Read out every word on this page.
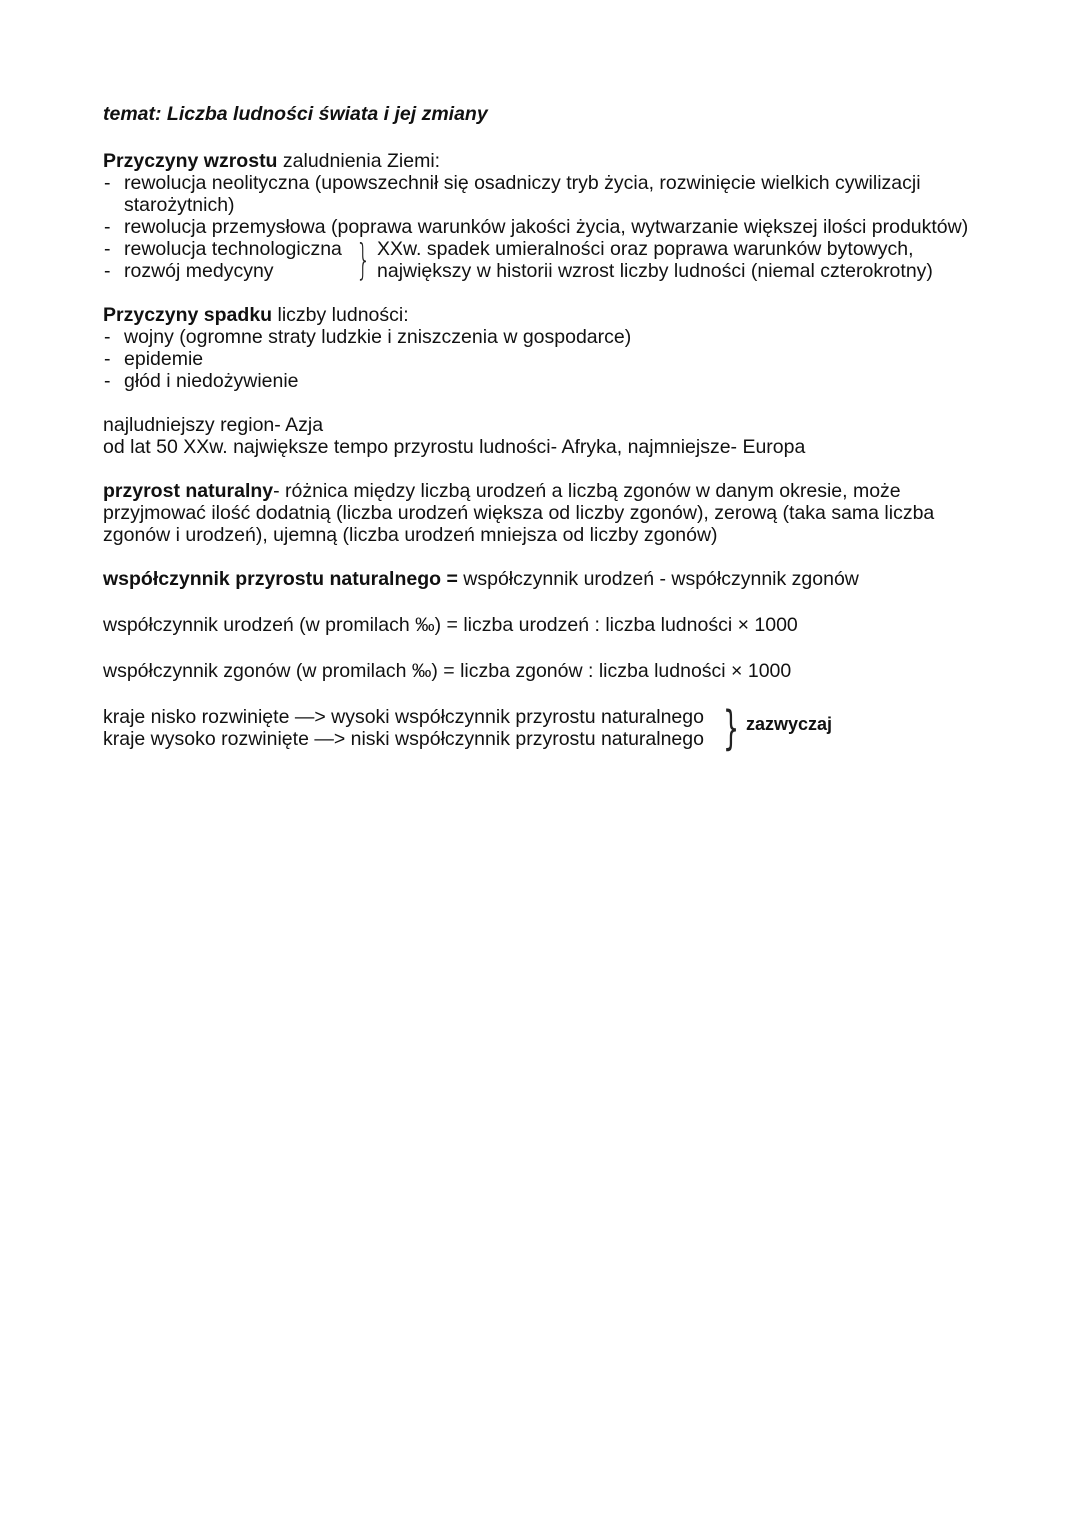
temat: Liczba ludności świata i jej zmiany

Przyczyny wzrostu zaludnienia Ziemi:

- rewolucja neolityczna (upowszechnił się osadniczy tryb życia, rozwinięcie wielkich cywilizacji starożytnich)
- rewolucja przemysłowa (poprawa warunków jakości życia, wytwarzanie większej ilości produktów)
- rewolucja technologiczna
- rozwój medycyny	} XXw. spadek umieralności oraz poprawa warunków bytowych,

największy w historii wzrost liczby ludności (niemal czterokrotny)

Przyczyny spadku liczby ludności:

- wojny (ogromne straty ludzkie i zniszczenia w gospodarce)
- epidemie
- głód i niedożywienie

najludniejszy region- Azja

od lat 50 XXw. największe tempo przyrostu ludności- Afryka, najmniejsze- Europa

przyrost naturalny- różnica między liczbą urodzeń a liczbą zgonów w danym okresie, może przyjmować ilość dodatnią (liczba urodzeń większa od liczby zgonów), zerową (taka sama liczba zgonów i urodzeń), ujemną (liczba urodzeń mniejsza od liczby zgonów)

współczynnik przyrostu naturalnego = współczynnik urodzeń - współczynnik zgonów

współczynnik urodzeń (w promilach ‰) = liczba urodzeń : liczba ludności × 1000

współczynnik zgonów (w promilach ‰) = liczba zgonów : liczba ludności × 1000

kraje nisko rozwinięte —> wysoki współczynnik przyrostu naturalnego

kraje wysoko rozwinięte —> niski współczynnik przyrostu naturalnego } zazwyczaj
